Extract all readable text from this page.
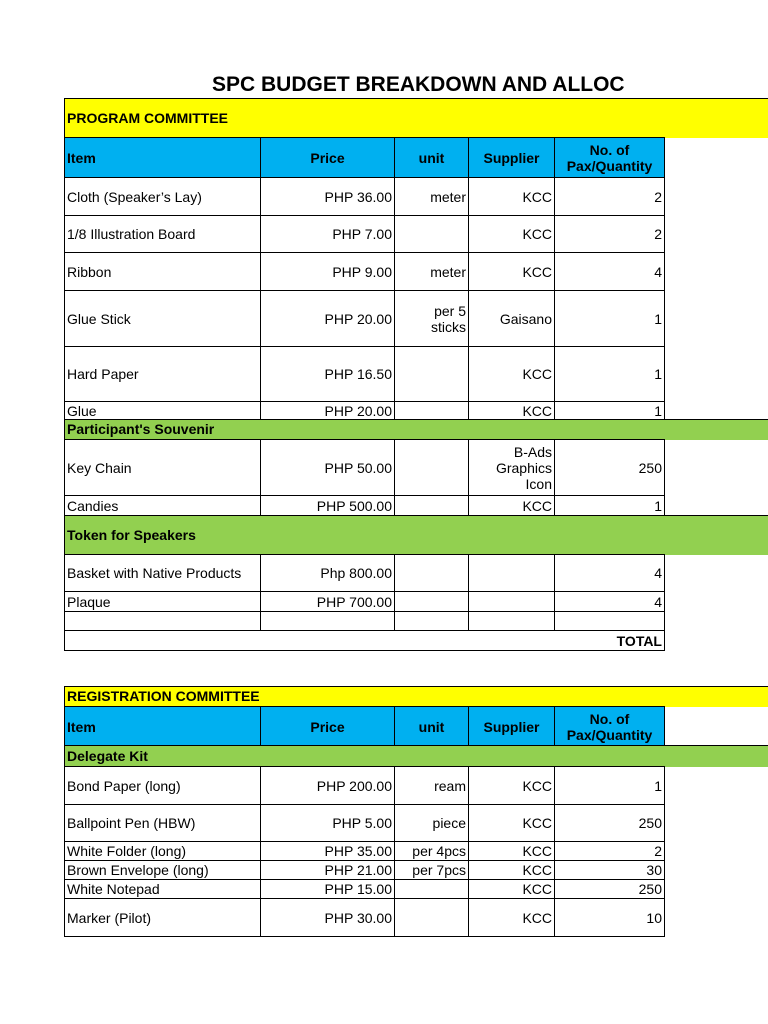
SPC BUDGET BREAKDOWN AND ALLOC
PROGRAM COMMITTEE
Item	Price	unit	Supplier	No. of Pax/Quantity
Cloth (Speaker’s Lay)	PHP 36.00	meter	KCC	2
1/8 Illustration Board	PHP 7.00		KCC	2
Ribbon	PHP 9.00	meter	KCC	4
Glue Stick	PHP 20.00	per 5 sticks	Gaisano	1
Hard Paper	PHP 16.50		KCC	1
Glue	PHP 20.00		KCC	1
Participant's Souvenir
Key Chain	PHP 50.00		B-Ads Graphics Icon	250
Candies	PHP 500.00		KCC	1
Token for Speakers
Basket with Native Products	Php 800.00			4
Plaque	PHP 700.00			4

TOTAL				
REGISTRATION COMMITTEE
Item	Price	unit	Supplier	No. of Pax/Quantity
Delegate Kit
Bond Paper (long)	PHP 200.00	ream	KCC	1
Ballpoint Pen (HBW)	PHP 5.00	piece	KCC	250
White Folder (long)	PHP 35.00	per 4pcs	KCC	2
Brown Envelope (long)	PHP 21.00	per 7pcs	KCC	30
White Notepad	PHP 15.00		KCC	250
Marker (Pilot)	PHP 30.00		KCC	10
